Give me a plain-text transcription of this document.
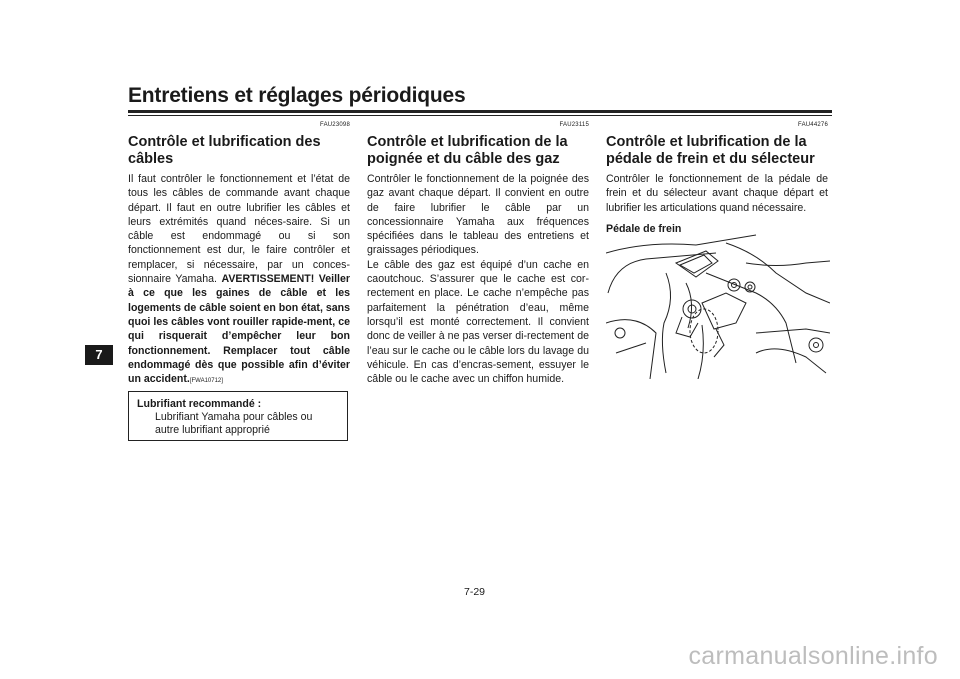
Entretiens et réglages périodiques
7
FAU23098
Contrôle et lubrification des câbles

Il faut contrôler le fonctionnement et l’état de tous les câbles de commande avant chaque départ. Il faut en outre lubrifier les câbles et leurs extrémités quand néces-saire. Si un câble est endommagé ou si son fonctionnement est dur, le faire contrôler et remplacer, si nécessaire, par un conces-sionnaire Yamaha. AVERTISSEMENT! Veiller à ce que les gaines de câble et les logements de câble soient en bon état, sans quoi les câbles vont rouiller rapide-ment, ce qui risquerait d’empêcher leur bon fonctionnement. Remplacer tout câble endommagé dès que possible afin d’éviter un accident.[FWA10712]

Lubrifiant recommandé :
Lubrifiant Yamaha pour câbles ou autre lubrifiant approprié
FAU23115
Contrôle et lubrification de la poignée et du câble des gaz

Contrôler le fonctionnement de la poignée des gaz avant chaque départ. Il convient en outre de faire lubrifier le câble par un concessionnaire Yamaha aux fréquences spécifiées dans le tableau des entretiens et graissages périodiques.

Le câble des gaz est équipé d’un cache en caoutchouc. S’assurer que le cache est cor-rectement en place. Le cache n’empêche pas parfaitement la pénétration d’eau, même lorsqu’il est monté correctement. Il convient donc de veiller à ne pas verser di-rectement de l’eau sur le cache ou le câble lors du lavage du véhicule. En cas d’encras-sement, essuyer le câble ou le cache avec un chiffon humide.

FAU44276
Contrôle et lubrification de la pédale de frein et du sélecteur

Contrôler le fonctionnement de la pédale de frein et du sélecteur avant chaque départ et lubrifier les articulations quand nécessaire.

Pédale de frein
7-29
carmanualsonline.info
